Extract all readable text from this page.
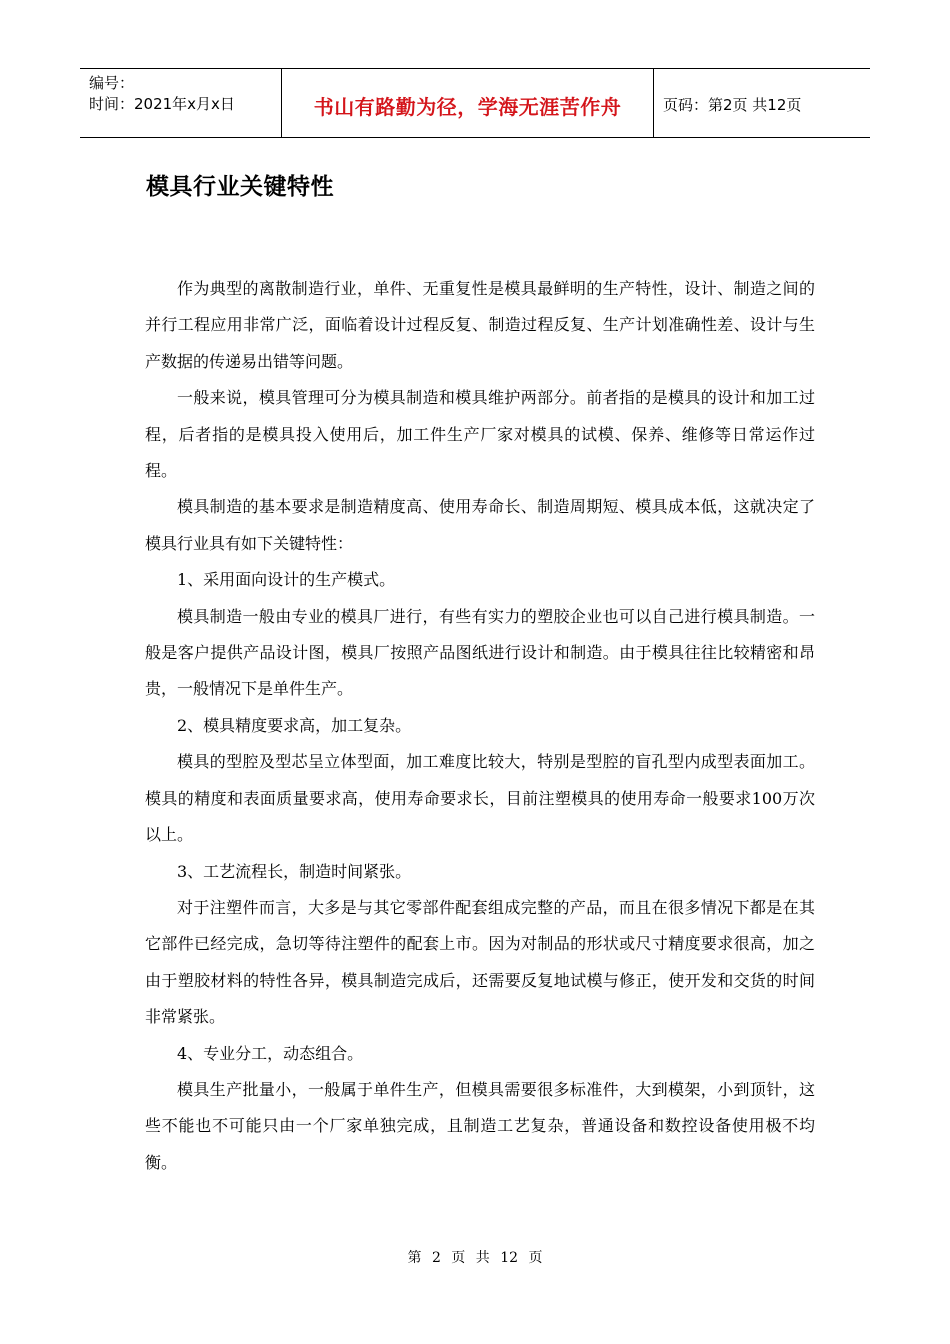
编号：
时间：2021年x月x日	书山有路勤为径，学海无涯苦作舟	页码：第2页 共12页
模具行业关键特性

作为典型的离散制造行业，单件、无重复性是模具最鲜明的生产特性，设计、制造之间的并行工程应用非常广泛，面临着设计过程反复、制造过程反复、生产计划准确性差、设计与生产数据的传递易出错等问题。

一般来说，模具管理可分为模具制造和模具维护两部分。前者指的是模具的设计和加工过程，后者指的是模具投入使用后，加工件生产厂家对模具的试模、保养、维修等日常运作过程。

模具制造的基本要求是制造精度高、使用寿命长、制造周期短、模具成本低，这就决定了模具行业具有如下关键特性：

1、采用面向设计的生产模式。

模具制造一般由专业的模具厂进行，有些有实力的塑胶企业也可以自己进行模具制造。一般是客户提供产品设计图，模具厂按照产品图纸进行设计和制造。由于模具往往比较精密和昂贵，一般情况下是单件生产。

2、模具精度要求高，加工复杂。

模具的型腔及型芯呈立体型面，加工难度比较大，特别是型腔的盲孔型内成型表面加工。模具的精度和表面质量要求高，使用寿命要求长，目前注塑模具的使用寿命一般要求100万次以上。

3、工艺流程长，制造时间紧张。

对于注塑件而言，大多是与其它零部件配套组成完整的产品，而且在很多情况下都是在其它部件已经完成，急切等待注塑件的配套上市。因为对制品的形状或尺寸精度要求很高，加之由于塑胶材料的特性各异，模具制造完成后，还需要反复地试模与修正，使开发和交货的时间非常紧张。

4、专业分工，动态组合。

模具生产批量小，一般属于单件生产，但模具需要很多标准件，大到模架，小到顶针，这些不能也不可能只由一个厂家单独完成，且制造工艺复杂，普通设备和数控设备使用极不均衡。

第 2 页 共 12 页
